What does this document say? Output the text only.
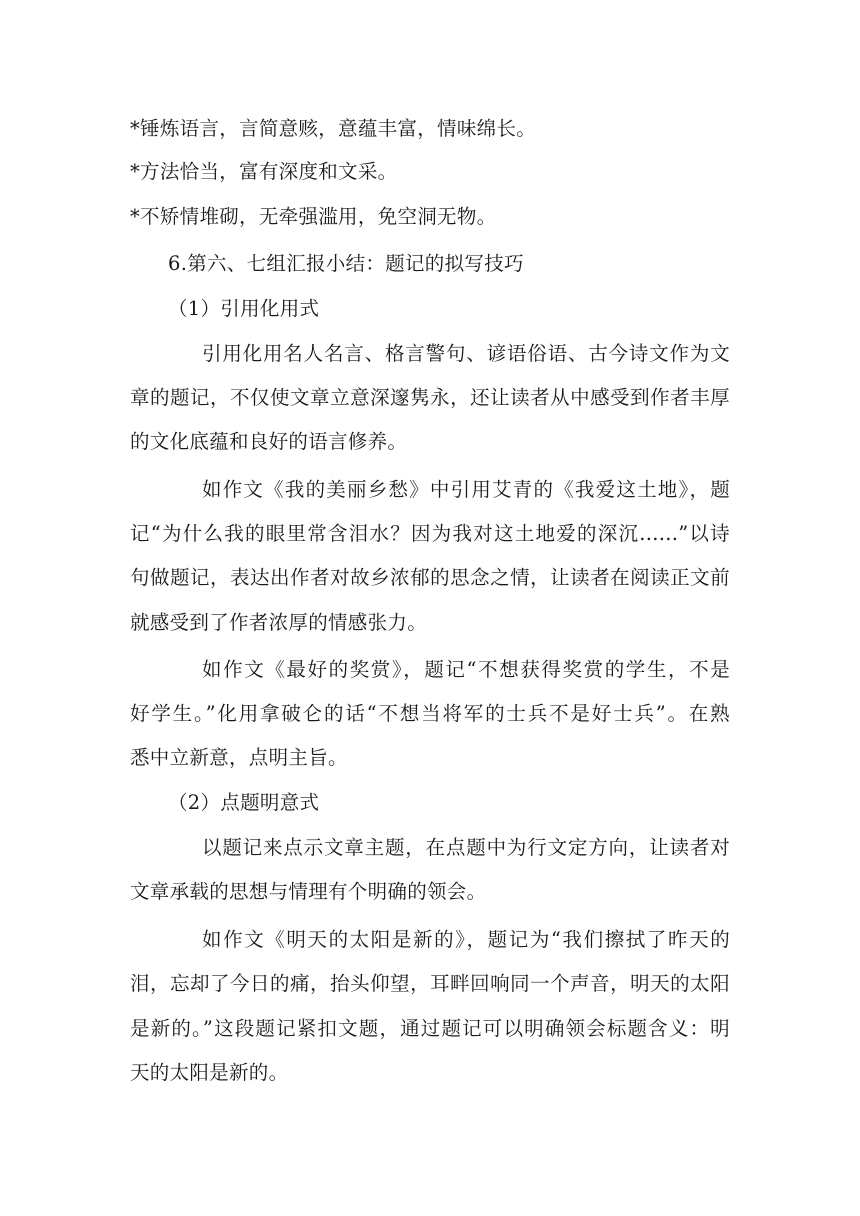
*锤炼语言，言简意赅，意蕴丰富，情味绵长。
*方法恰当，富有深度和文采。
*不矫情堆砌，无牵强滥用，免空洞无物。
6.第六、七组汇报小结：题记的拟写技巧
（1）引用化用式
引用化用名人名言、格言警句、谚语俗语、古今诗文作为文
章的题记，不仅使文章立意深邃隽永，还让读者从中感受到作者丰厚
的文化底蕴和良好的语言修养。
如作文《我的美丽乡愁》中引用艾青的《我爱这土地》，题
记“为什么我的眼里常含泪水？因为我对这土地爱的深沉......”以诗
句做题记，表达出作者对故乡浓郁的思念之情，让读者在阅读正文前
就感受到了作者浓厚的情感张力。
如作文《最好的奖赏》，题记“不想获得奖赏的学生，不是
好学生。”化用拿破仑的话“不想当将军的士兵不是好士兵”。在熟
悉中立新意，点明主旨。
（2）点题明意式
以题记来点示文章主题，在点题中为行文定方向，让读者对
文章承载的思想与情理有个明确的领会。
如作文《明天的太阳是新的》，题记为“我们擦拭了昨天的
泪，忘却了今日的痛，抬头仰望，耳畔回响同一个声音，明天的太阳
是新的。”这段题记紧扣文题，通过题记可以明确领会标题含义：明
天的太阳是新的。
